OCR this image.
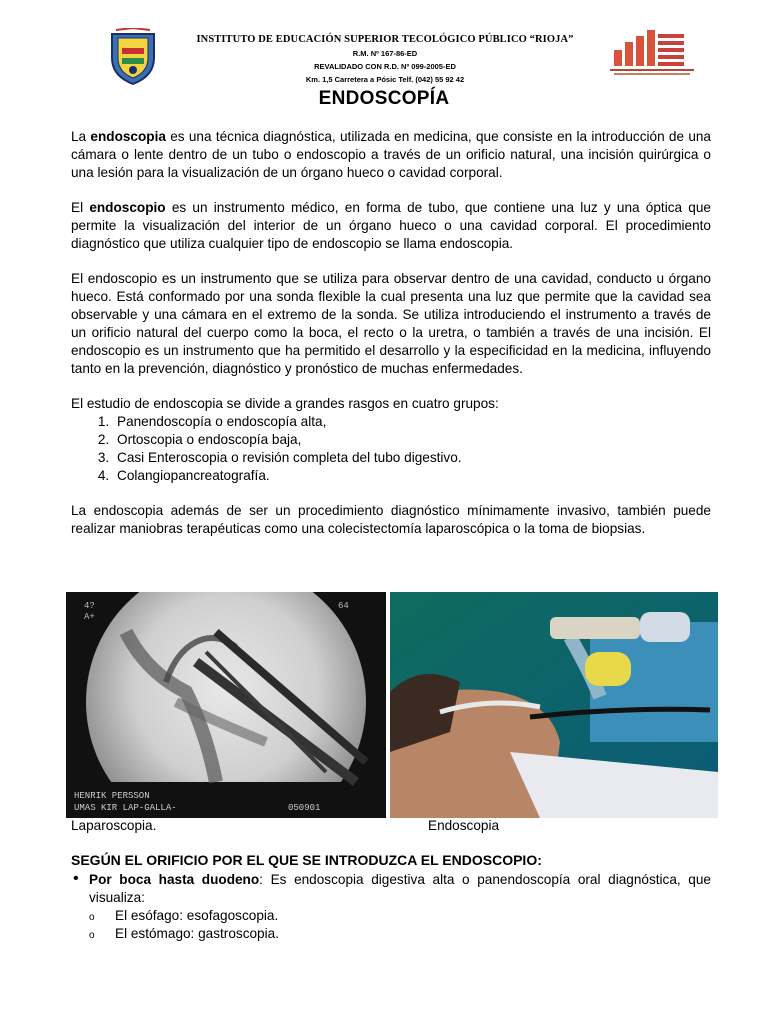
INSTITUTO DE EDUCACIÓN SUPERIOR TECOLÓGICO PÚBLICO “RIOJA”
R.M. Nº 167-86-ED
REVALIDADO CON R.D. Nº 099-2005-ED
Km. 1,5 Carretera a Pósic Telf. (042) 55 92 42
ENDOSCOPÍA

La endoscopia es una técnica diagnóstica, utilizada en medicina, que consiste en la introducción de una cámara o lente dentro de un tubo o endoscopio a través de un orificio natural, una incisión quirúrgica o una lesión para la visualización de un órgano hueco o cavidad corporal.

El endoscopio es un instrumento médico, en forma de tubo, que contiene una luz y una óptica que permite la visualización del interior de un órgano hueco o una cavidad corporal. El procedimiento diagnóstico que utiliza cualquier tipo de endoscopio se llama endoscopia.

El endoscopio es un instrumento que se utiliza para observar dentro de una cavidad, conducto u órgano hueco. Está conformado por una sonda flexible la cual presenta una luz que permite que la cavidad sea observable y una cámara en el extremo de la sonda. Se utiliza introduciendo el instrumento a través de un orificio natural del cuerpo como la boca, el recto o la uretra, o también a través de una incisión. El endoscopio es un instrumento que ha permitido el desarrollo y la especificidad en la medicina, influyendo tanto en la prevención, diagnóstico y pronóstico de muchas enfermedades.

El estudio de endoscopia se divide a grandes rasgos en cuatro grupos:

1. Panendoscopía o endoscopía alta,
2. Ortoscopia o endoscopía baja,
3. Casi Enteroscopia o revisión completa del tubo digestivo.
4. Colangiopancreatografía.

La endoscopia además de ser un procedimiento diagnóstico mínimamente invasivo, también puede realizar maniobras terapéuticas como una colecistectomía laparoscópica o la toma de biopsias.

4?
A+
64
HENRIK PERSSON
UMAS KIR LAP-GALLA-	050901
Laparoscopia.	Endoscopia
SEGÚN EL ORIFICIO POR EL QUE SE INTRODUZCA EL ENDOSCOPIO:
• Por boca hasta duodeno: Es endoscopia digestiva alta o panendoscopía oral diagnóstica, que visualiza:
o El esófago: esofagoscopia.
o El estómago: gastroscopia.
